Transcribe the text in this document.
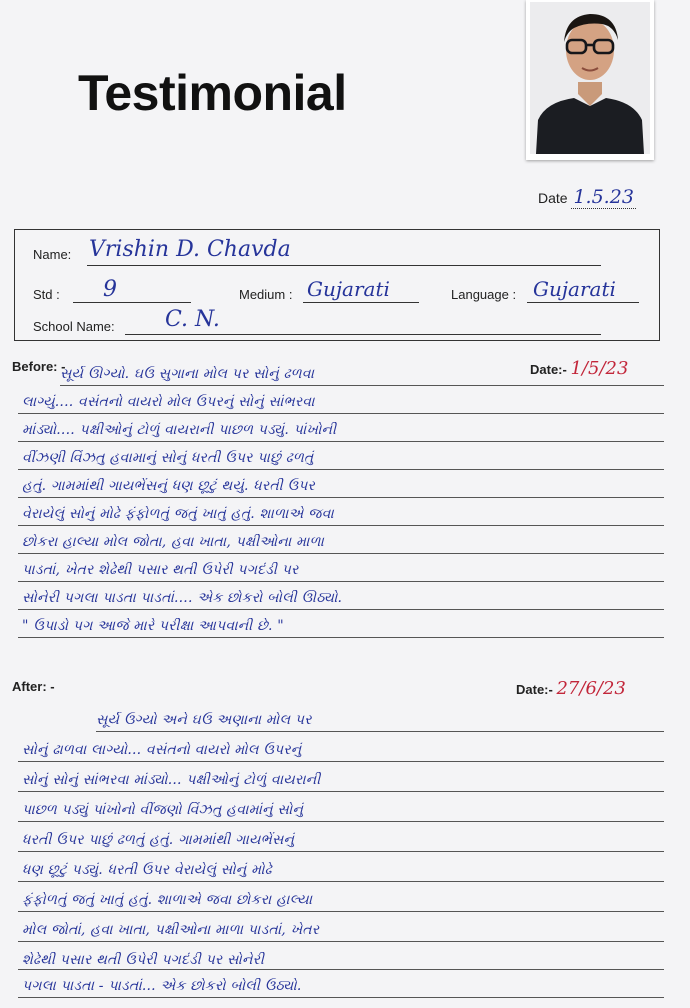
Testimonial
Date 1.5.23
Name: Vrishin D. Chavda
Std : 9	Medium : Gujarati	Language : Gujarati
School Name: C. N.
Before: -	Date:- 1/5/23
સૂર્ય ઊગ્યો. ઘઉં સુગાના મોલ પર સોનું ઢળવા
લાગ્યું.... વસંતનો વાયરો મોલ ઉપરનું સોનું સાંભરવા
માંડ્યો.... પક્ષીઓનું ટોળું વાયરાની પાછળ પડ્યું. પાંખોની
વીંઝણી વિંઝતુ હવામાનું સોનું ધરતી ઉપર પાછું ઢળતું
હતું. ગામમાંથી ગાયભેંસનું ધણ છૂટું થયું. ધરતી ઉપર
વેરાયેલું સોનું મોઢે ફંફોળતું જતું ખાતું હતું. શાળાએ જવા
છોકરા હાલ્યા મોલ જોતા, હવા ખાતા, પક્ષીઓના માળા
પાડતાં, ખેતર શેઢેથી પસાર થતી ઉપેરી પગદંડી પર
સોનેરી પગલા પાડતા પાડતાં.... એક છોકરો બોલી ઊઠ્યો.
" ઉપાડો પગ આજે મારે પરીક્ષા આપવાની છે. "
After: -	Date:- 27/6/23
સૂર્ય ઉગ્યો અને ઘઉં અણાના મોલ પર
સોનું ઢાળવા લાગ્યો... વસંતનો વાયરો મોલ ઉપરનું
સોનું સોનું સાંભરવા માંડ્યો... પક્ષીઓનું ટોળું વાયરાની
પાછળ પડ્યું પાંખોનો વીંજણો વિંઝતુ હવામાંનું સોનું
ધરતી ઉપર પાછું ઢળતું હતું. ગામમાંથી ગાયભેંસનું
ધણ છૂટું પડ્યું. ધરતી ઉપર વેરાયેલું સોનું મોઢે
ફંફોળતું જતું ખાતું હતું. શાળાએ જવા છોકરા હાલ્યા
મોલ જોતાં, હવા ખાતા, પક્ષીઓના માળા પાડતાં, ખેતર
શેઢેથી પસાર થતી ઉપેરી પગદંડી પર સોનેરી
પગલા પાડતા - પાડતાં... એક છોકરો બોલી ઉઠ્યો.
